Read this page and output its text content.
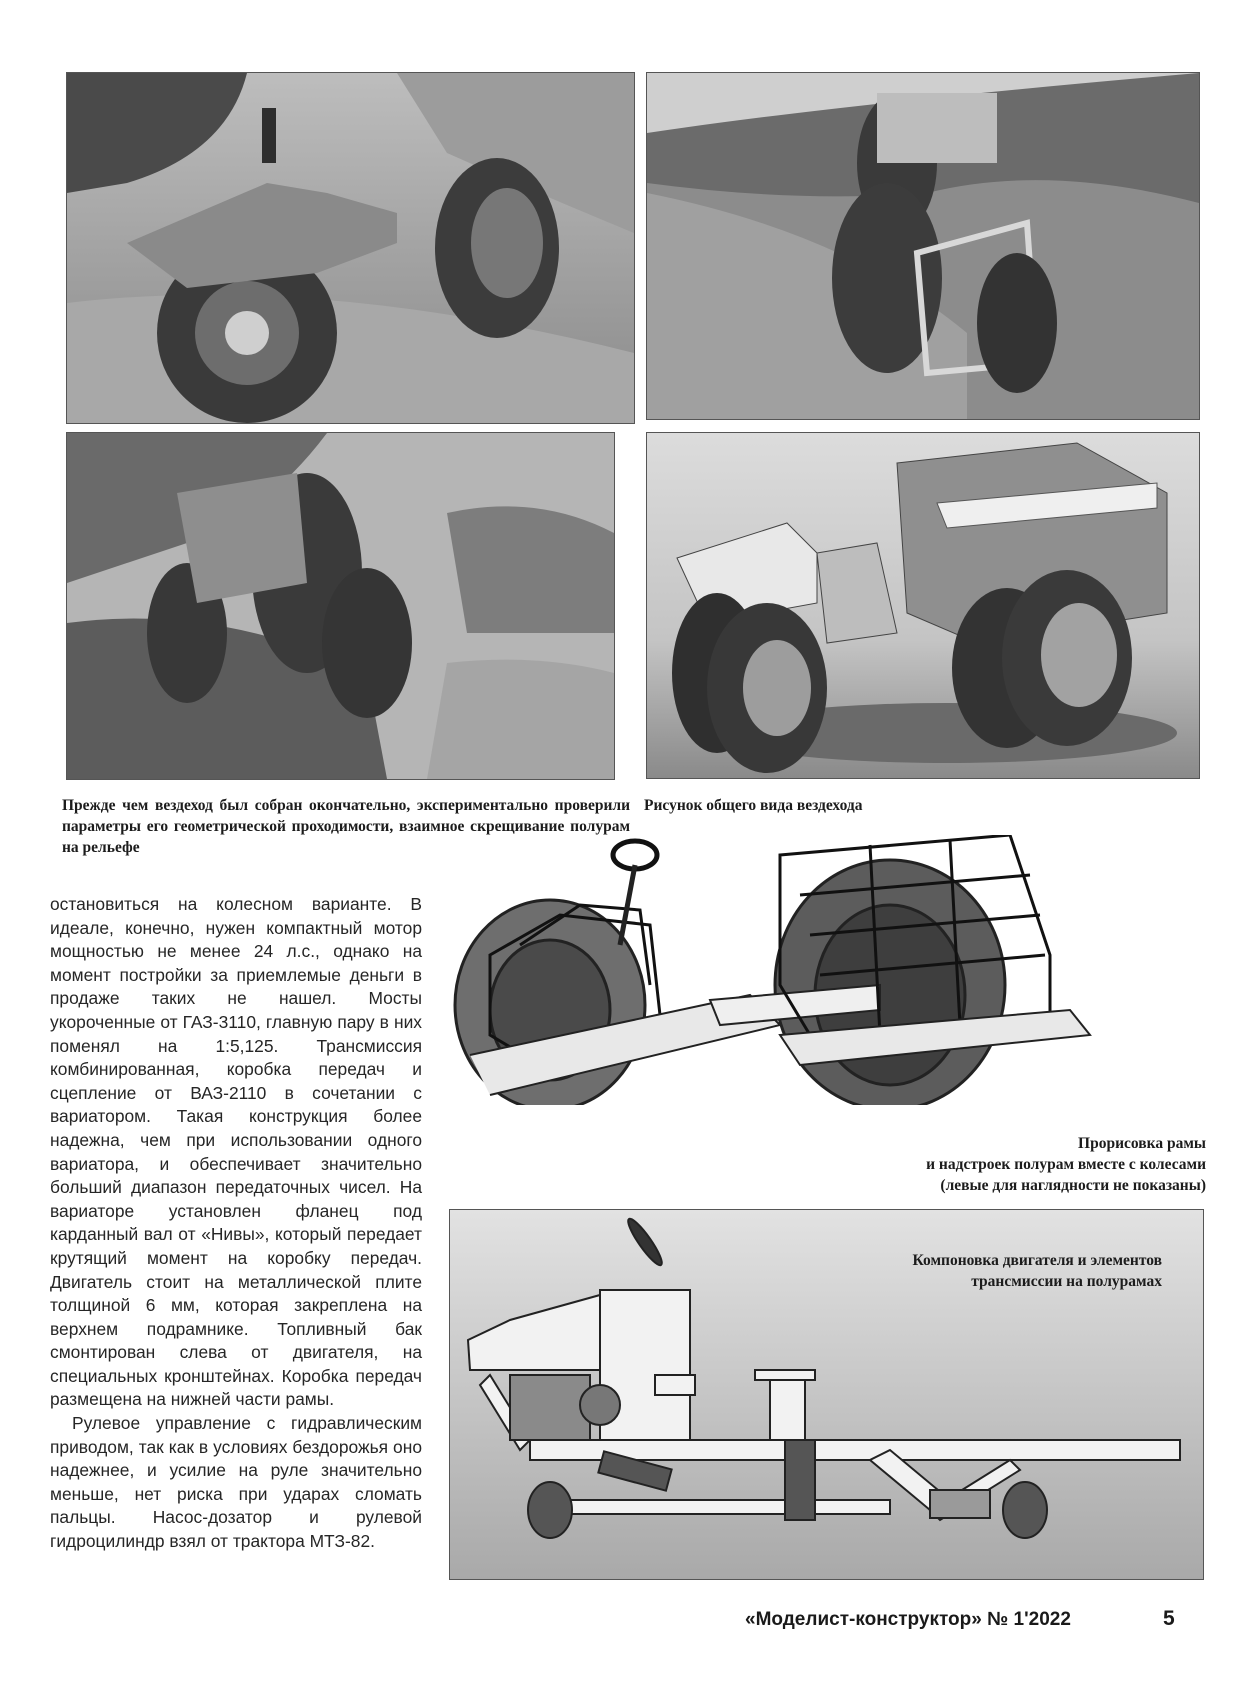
Прежде чем вездеход был собран окончательно, экспериментально проверили параметры его геометрической проходимости, взаимное скрещивание полурам на рельефе
Рисунок общего вида вездехода
Прорисовка рамы
и надстроек полурам вместе с колесами
(левые для наглядности не показаны)
Компоновка двигателя и элементов
трансмиссии на полурамах

остановиться на колесном варианте. В идеале, конечно, нужен компактный мотор мощностью не менее 24 л.с., однако на момент постройки за приемлемые деньги в продаже таких не нашел. Мосты укороченные от ГАЗ-3110, главную пару в них поменял на 1:5,125. Трансмиссия комбинированная, коробка передач и сцепление от ВАЗ-2110 в сочетании с вариатором. Такая конструкция более надежна, чем при использовании одного вариатора, и обеспечивает значительно больший диапазон передаточных чисел. На вариаторе установлен фланец под карданный вал от «Нивы», который передает крутящий момент на коробку передач. Двигатель стоит на металлической плите толщиной 6 мм, которая закреплена на верхнем подрамнике. Топливный бак смонтирован слева от двигателя, на специальных кронштейнах. Коробка передач размещена на нижней части рамы.

Рулевое управление с гидравлическим приводом, так как в условиях бездорожья оно надежнее, и усилие на руле значительно меньше, нет риска при ударах сломать пальцы. Насос-дозатор и рулевой гидроцилиндр взял от трактора МТЗ-82.

«Моделист-конструктор» № 1'2022	5
